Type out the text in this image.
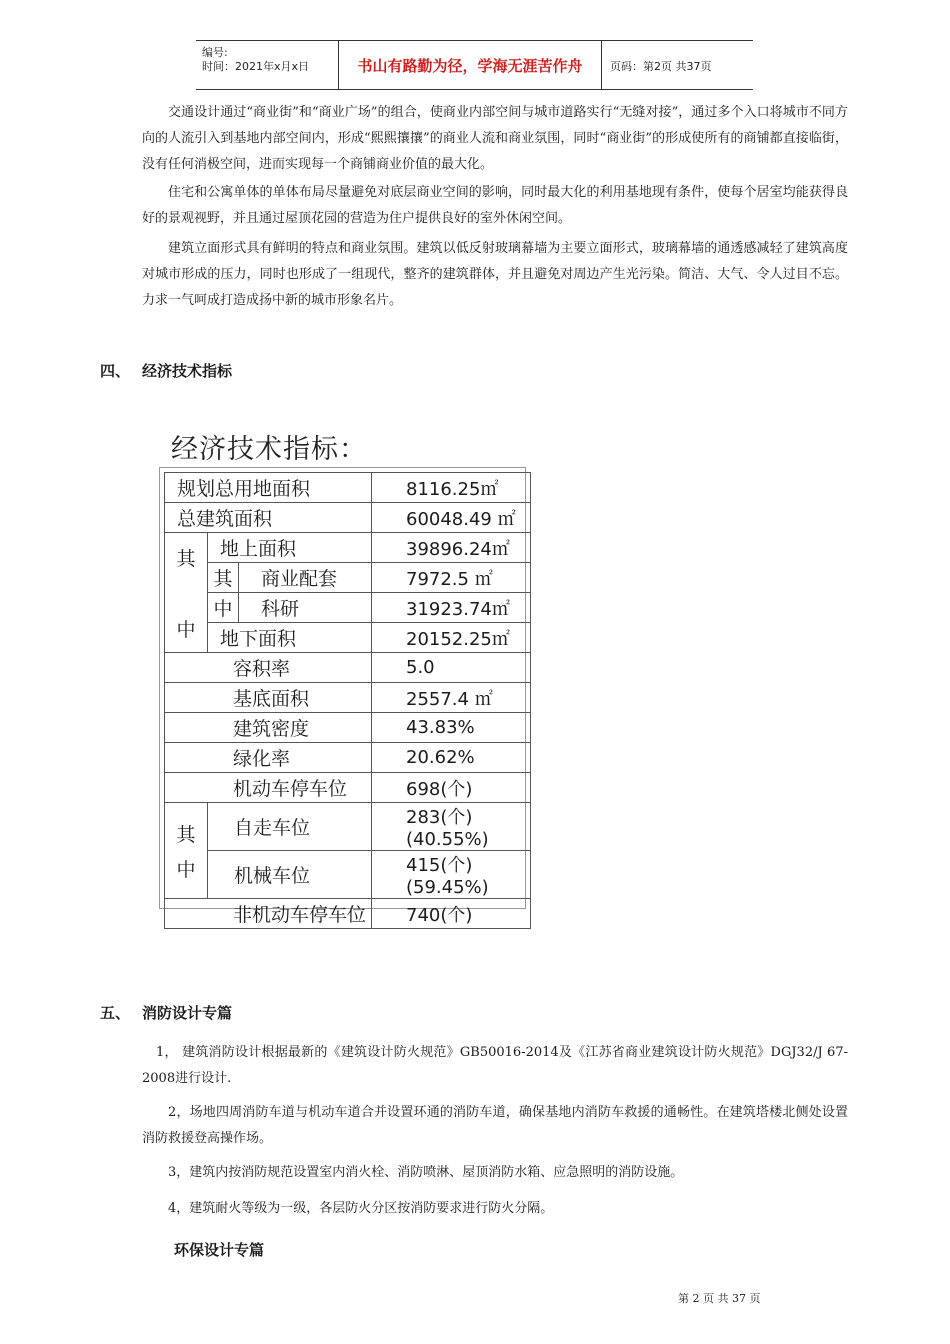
编号:
时间：2021年x月x日	书山有路勤为径，学海无涯苦作舟	页码：第2页 共37页
交通设计通过“商业街”和“商业广场”的组合，使商业内部空间与城市道路实行“无缝对接”，通过多个入口将城市不同方向的人流引入到基地内部空间内，形成“熙熙攘攘”的商业人流和商业氛围，同时“商业街”的形成使所有的商铺都直接临街，没有任何消极空间，进而实现每一个商铺商业价值的最大化。
住宅和公寓单体的单体布局尽量避免对底层商业空间的影响，同时最大化的利用基地现有条件，使每个居室均能获得良好的景观视野，并且通过屋顶花园的营造为住户提供良好的室外休闲空间。
建筑立面形式具有鲜明的特点和商业氛围。建筑以低反射玻璃幕墙为主要立面形式，玻璃幕墙的通透感减轻了建筑高度对城市形成的压力，同时也形成了一组现代，整齐的建筑群体，并且避免对周边产生光污染。简洁、大气、令人过目不忘。力求一气呵成打造成扬中新的城市形象名片。
四、 经济技术指标
经济技术指标：
规划总用地面积			8116.25㎡
总建筑面积			60048.49 ㎡

其
中	地上面积		39896.24㎡
	其	商业配套	7972.5 ㎡
	中	科研	31923.74㎡
	地下面积		20152.25㎡
容积率			5.0
基底面积			2557.4 ㎡
建筑密度			43.83%
绿化率			20.62%
机动车停车位			698(个)

其
中	自走车位		283(个)(40.55%)
	机械车位		415(个)(59.45%)
非机动车停车位			740(个)
五、 消防设计专篇
1， 建筑消防设计根据最新的《建筑设计防火规范》GB50016-2014及《江苏省商业建筑设计防火规范》DGJ32/J 67-2008进行设计.
2，场地四周消防车道与机动车道合并设置环通的消防车道，确保基地内消防车救援的通畅性。在建筑塔楼北侧处设置消防救援登高操作场。
3，建筑内按消防规范设置室内消火栓、消防喷淋、屋顶消防水箱、应急照明的消防设施。
4，建筑耐火等级为一级，各层防火分区按消防要求进行防火分隔。
环保设计专篇
第 2 页 共 37 页
